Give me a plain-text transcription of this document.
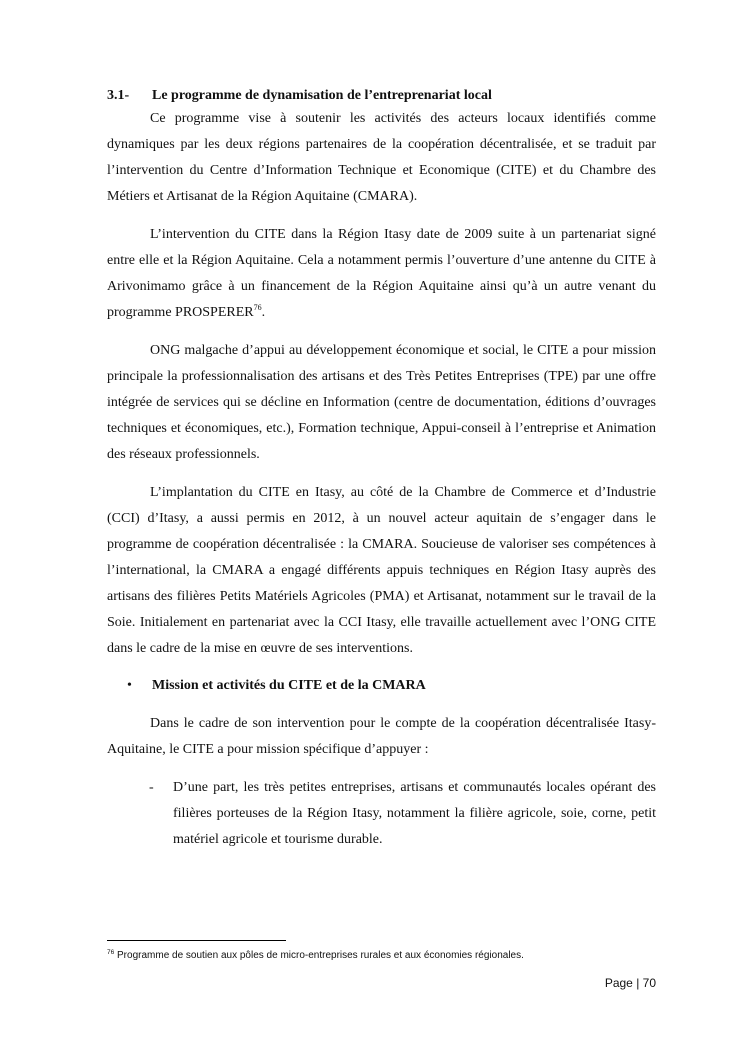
3.1- Le programme de dynamisation de l’entreprenariat local

Ce programme vise à soutenir les activités des acteurs locaux identifiés comme dynamiques par les deux régions partenaires de la coopération décentralisée, et se traduit par l’intervention du Centre d’Information Technique et Economique (CITE) et du Chambre des Métiers et Artisanat de la Région Aquitaine (CMARA).

L’intervention du CITE dans la Région Itasy date de 2009 suite à un partenariat signé entre elle et la Région Aquitaine. Cela a notamment permis l’ouverture d’une antenne du CITE à Arivonimamo grâce à un financement de la Région Aquitaine ainsi qu’à un autre venant du programme PROSPERER$^{76}$.

ONG malgache d’appui au développement économique et social, le CITE a pour mission principale la professionnalisation des artisans et des Très Petites Entreprises (TPE) par une offre intégrée de services qui se décline en Information (centre de documentation, éditions d’ouvrages techniques et économiques, etc.), Formation technique, Appui-conseil à l’entreprise et Animation des réseaux professionnels.

L’implantation du CITE en Itasy, au côté de la Chambre de Commerce et d’Industrie (CCI) d’Itasy, a aussi permis en 2012, à un nouvel acteur aquitain de s’engager dans le programme de coopération décentralisée : la CMARA. Soucieuse de valoriser ses compétences à l’international, la CMARA a engagé différents appuis techniques en Région Itasy auprès des artisans des filières Petits Matériels Agricoles (PMA) et Artisanat, notamment sur le travail de la Soie. Initialement en partenariat avec la CCI Itasy, elle travaille actuellement avec l’ONG CITE dans le cadre de la mise en œuvre de ses interventions.

• Mission et activités du CITE et de la CMARA

Dans le cadre de son intervention pour le compte de la coopération décentralisée Itasy-Aquitaine, le CITE a pour mission spécifique d’appuyer :

- D’une part, les très petites entreprises, artisans et communautés locales opérant des filières porteuses de la Région Itasy, notamment la filière agricole, soie, corne, petit matériel agricole et tourisme durable.
$^{76}$ Programme de soutien aux pôles de micro-entreprises rurales et aux économies régionales.
Page | 70
